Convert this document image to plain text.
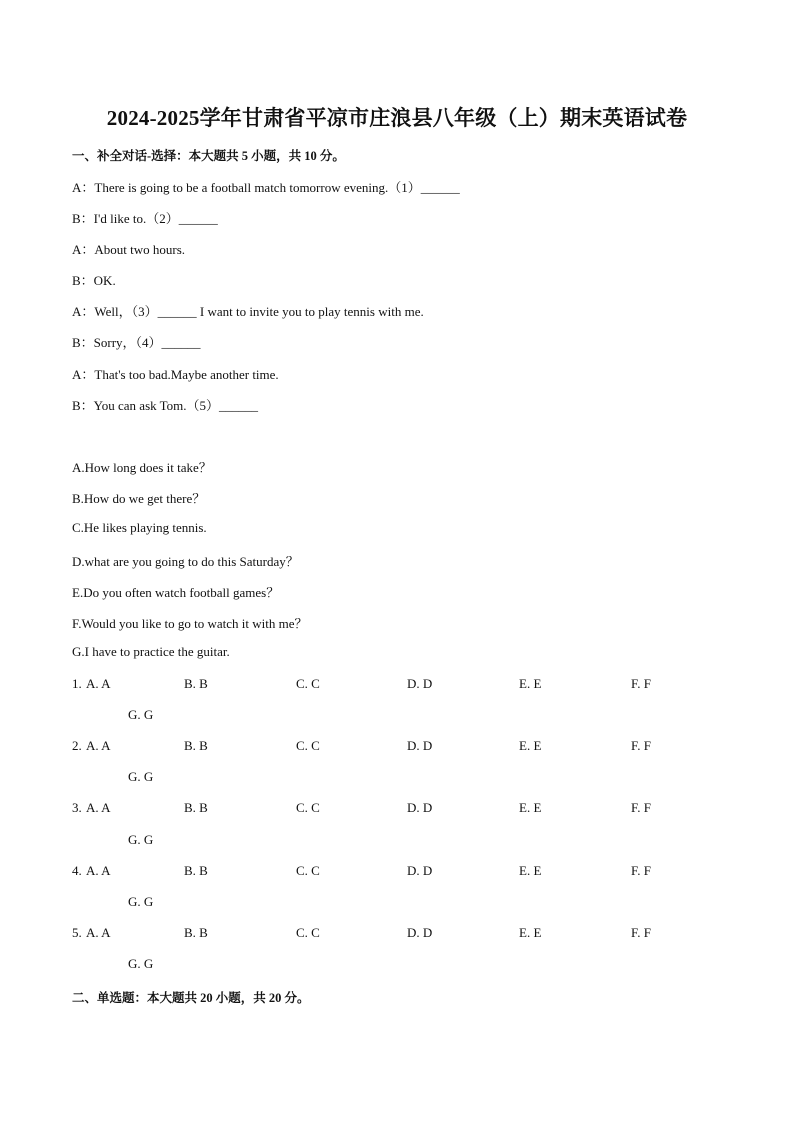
2024-2025学年甘肃省平凉市庄浪县八年级（上）期末英语试卷
一、补全对话-选择：本大题共 5 小题，共 10 分。
A：There is going to be a football match tomorrow evening.（1）______
B：I'd like to.（2）______
A：About two hours.
B：OK.
A：Well，（3）______ I want to invite you to play tennis with me.
B：Sorry，（4）______
A：That's too bad.Maybe another time.
B：You can ask Tom.（5）______
A.How long does it take？
B.How do we get there？
C.He likes playing tennis.
D.what are you going to do this Saturday？
E.Do you often watch football games？
F.Would you like to go to watch it with me？
G.I have to practice the guitar.
1. A. A	B. B	C. C	D. D	E. E	F. F
G. G
2. A. A	B. B	C. C	D. D	E. E	F. F
G. G
3. A. A	B. B	C. C	D. D	E. E	F. F
G. G
4. A. A	B. B	C. C	D. D	E. E	F. F
G. G
5. A. A	B. B	C. C	D. D	E. E	F. F
G. G
二、单选题：本大题共 20 小题，共 20 分。
